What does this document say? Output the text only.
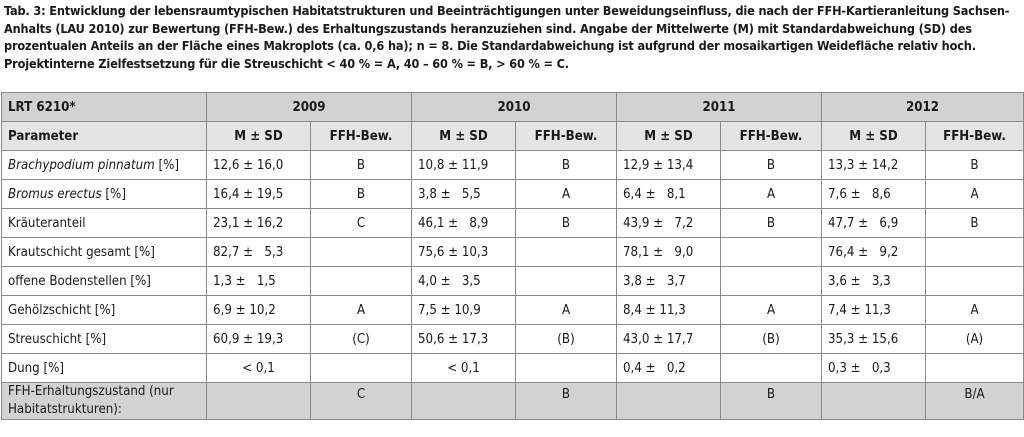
Tab. 3: Entwicklung der lebensraumtypischen Habitatstrukturen und Beeinträchtigungen unter Beweidungseinfluss, die nach der FFH-Kartieranleitung Sachsen-Anhalts (LAU 2010) zur Bewertung (FFH-Bew.) des Erhaltungszustands heranzuziehen sind. Angabe der Mittelwerte (M) mit Standardabweichung (SD) des prozentualen Anteils an der Fläche eines Makroplots (ca. 0,6 ha); n = 8. Die Standardabweichung ist aufgrund der mosaikartigen Weidefläche relativ hoch. Projektinterne Zielfestsetzung für die Streuschicht < 40 % = A, 40 – 60 % = B, > 60 % = C.
LRT 6210*	2009		2010		2011		2012	
Parameter	M ± SD	FFH-Bew.	M ± SD	FFH-Bew.	M ± SD	FFH-Bew.	M ± SD	FFH-Bew.
Brachypodium pinnatum [%]	12,6 ± 16,0	B	10,8 ± 11,9	B	12,9 ± 13,4	B	13,3 ± 14,2	B
Bromus erectus [%]	16,4 ± 19,5	B	3,8 ±   5,5	A	6,4 ±   8,1	A	7,6 ±   8,6	A
Kräuteranteil	23,1 ± 16,2	C	46,1 ±   8,9	B	43,9 ±   7,2	B	47,7 ±   6,9	B
Krautschicht gesamt [%]	82,7 ±   5,3		75,6 ± 10,3		78,1 ±   9,0		76,4 ±   9,2	
offene Bodenstellen [%]	1,3 ±   1,5		4,0 ±   3,5		3,8 ±   3,7		3,6 ±   3,3	
Gehölzschicht [%]	6,9 ± 10,2	A	7,5 ± 10,9	A	8,4 ± 11,3	A	7,4 ± 11,3	A
Streuschicht [%]	60,9 ± 19,3	(C)	50,6 ± 17,3	(B)	43,0 ± 17,7	(B)	35,3 ± 15,6	(A)
Dung [%]	< 0,1		< 0,1		0,4 ±   0,2		0,3 ±   0,3	
FFH-Erhaltungszustand (nur Habitatstrukturen):		C		B		B		B/A
